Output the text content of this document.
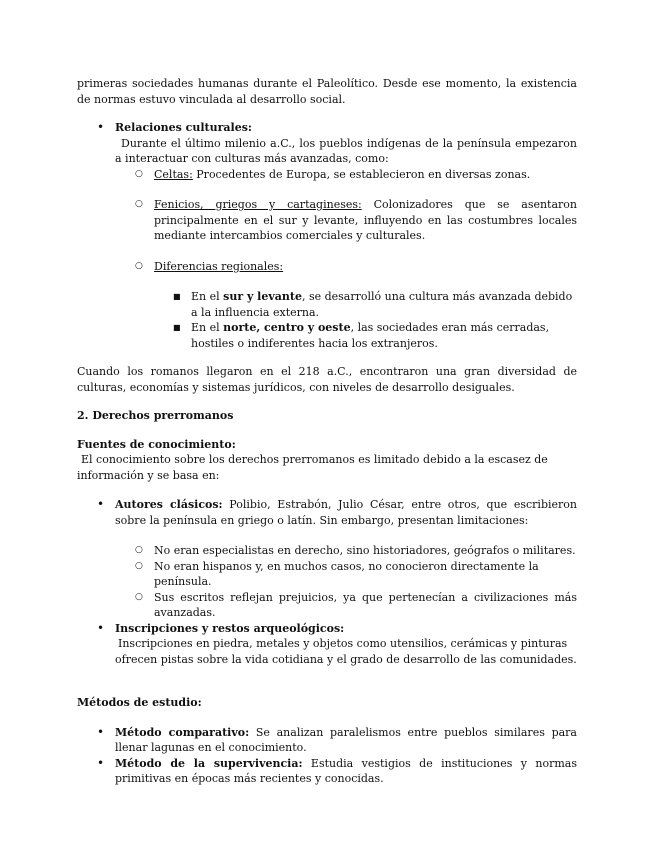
primeras sociedades humanas durante el Paleolítico. Desde ese momento, la existencia de normas estuvo vinculada al desarrollo social.

• Relaciones culturales:

Durante el último milenio a.C., los pueblos indígenas de la península empezaron a interactuar con culturas más avanzadas, como:

○ Celtas: Procedentes de Europa, se establecieron en diversas zonas.

○ Fenicios, griegos y cartagineses: Colonizadores que se asentaron principalmente en el sur y levante, influyendo en las costumbres locales mediante intercambios comerciales y culturales.

○ Diferencias regionales:

■ En el sur y levante, se desarrolló una cultura más avanzada debido a la influencia externa.

■ En el norte, centro y oeste, las sociedades eran más cerradas, hostiles o indiferentes hacia los extranjeros.

Cuando los romanos llegaron en el 218 a.C., encontraron una gran diversidad de culturas, economías y sistemas jurídicos, con niveles de desarrollo desiguales.

2. Derechos prerromanos

Fuentes de conocimiento:

El conocimiento sobre los derechos prerromanos es limitado debido a la escasez de información y se basa en:

• Autores clásicos: Polibio, Estrabón, Julio César, entre otros, que escribieron sobre la península en griego o latín. Sin embargo, presentan limitaciones:

○ No eran especialistas en derecho, sino historiadores, geógrafos o militares.

○ No eran hispanos y, en muchos casos, no conocieron directamente la península.

○ Sus escritos reflejan prejuicios, ya que pertenecían a civilizaciones más avanzadas.

• Inscripciones y restos arqueológicos:

Inscripciones en piedra, metales y objetos como utensilios, cerámicas y pinturas ofrecen pistas sobre la vida cotidiana y el grado de desarrollo de las comunidades.

Métodos de estudio:

• Método comparativo: Se analizan paralelismos entre pueblos similares para llenar lagunas en el conocimiento.

• Método de la supervivencia: Estudia vestigios de instituciones y normas primitivas en épocas más recientes y conocidas.
